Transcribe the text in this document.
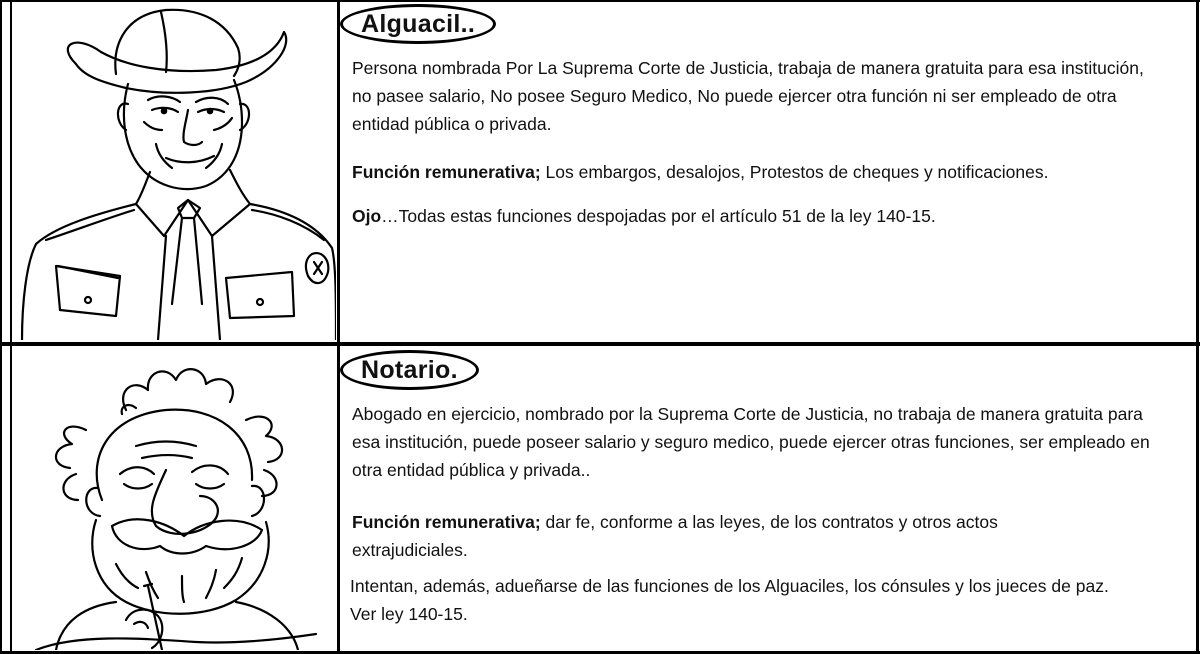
Alguacil..
Persona nombrada Por La Suprema Corte de Justicia, trabaja de manera gratuita para esa institución, no pasee salario, No posee Seguro Medico, No puede ejercer otra función ni ser empleado de otra entidad pública o privada.
Función remunerativa; Los embargos, desalojos, Protestos de cheques y notificaciones.
Ojo…Todas estas funciones despojadas por el artículo 51 de la ley 140-15.
Notario.
Abogado en ejercicio, nombrado por la Suprema Corte de Justicia, no trabaja de manera gratuita para esa institución, puede poseer salario y seguro medico, puede ejercer otras funciones, ser empleado en otra entidad pública y privada..
Función remunerativa; dar fe, conforme a las leyes, de los contratos y otros actos extrajudiciales.
Intentan, además, adueñarse de las funciones de los Alguaciles, los cónsules y los jueces de paz. Ver ley 140-15.
